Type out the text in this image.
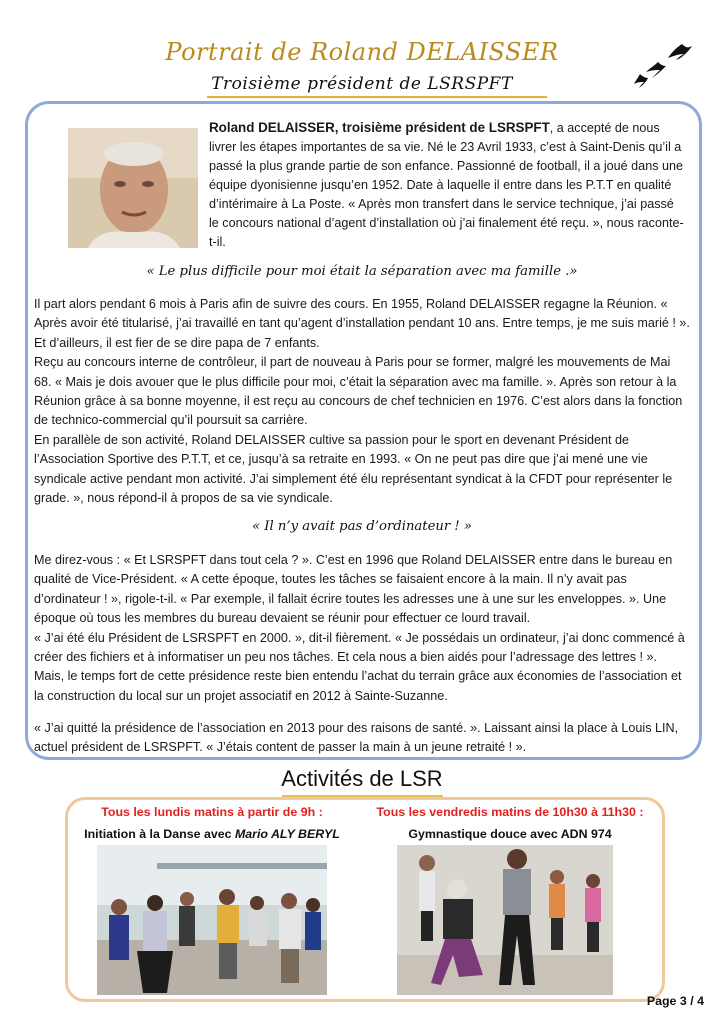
Portrait de Roland DELAISSER
Troisième président de LSRSPFT
Roland DELAISSER, troisième président de LSRSPFT, a accepté de nous livrer les étapes importantes de sa vie. Né le 23 Avril 1933, c’est à Saint-Denis qu’il a passé la plus grande partie de son enfance. Passionné de football, il a joué dans une équipe dyonisienne jusqu’en 1952. Date à laquelle il entre dans les P.T.T en qualité d’intérimaire à La Poste. « Après mon transfert dans le service technique, j’ai passé le concours national d’agent d’installation où j’ai finalement été reçu. », nous raconte-t-il.
« Le plus difficile pour moi était la séparation avec ma famille .»

Il part alors pendant 6 mois à Paris afin de suivre des cours. En 1955, Roland DELAISSER regagne la Réunion. « Après avoir été titularisé, j’ai travaillé en tant qu’agent d’installation pendant 10 ans. Entre temps, je me suis marié ! ». Et d’ailleurs, il est fier de se dire papa de 7 enfants.

Reçu au concours interne de contrôleur, il part de nouveau à Paris pour se former, malgré les mouvements de Mai 68. « Mais je dois avouer que le plus difficile pour moi, c’était la séparation avec ma famille. ». Après son retour à la Réunion grâce à sa bonne moyenne, il est reçu au concours de chef technicien en 1976. C’est alors dans la fonction de technico-commercial qu’il poursuit sa carrière.

En parallèle de son activité, Roland DELAISSER cultive sa passion pour le sport en devenant Président de l’Association Sportive des P.T.T, et ce, jusqu’à sa retraite en 1993. « On ne peut pas dire que j’ai mené une vie syndicale active pendant mon activité. J’ai simplement été élu représentant syndicat à la CFDT pour représenter le grade. », nous répond-il à propos de sa vie syndicale.

« Il n’y avait pas d’ordinateur ! »

Me direz-vous : « Et LSRSPFT dans tout cela ? ». C’est en 1996 que Roland DELAISSER entre dans le bureau en qualité de Vice-Président. « A cette époque, toutes les tâches se faisaient encore à la main. Il n’y avait pas d’ordinateur ! », rigole-t-il. « Par exemple, il fallait écrire toutes les adresses une à une sur les enveloppes. ». Une époque où tous les membres du bureau devaient se réunir pour effectuer ce lourd travail.

« J’ai été élu Président de LSRSPFT en 2000. », dit-il fièrement. « Je possédais un ordinateur, j’ai donc commencé à créer des fichiers et à informatiser un peu nos tâches. Et cela nous a bien aidés pour l’adressage des lettres ! ». Mais, le temps fort de cette présidence reste bien entendu l’achat du terrain grâce aux économies de l’association et la construction du local sur un projet associatif en 2012 à Sainte-Suzanne.

« J’ai quitté la présidence de l’association en 2013 pour des raisons de santé. ». Laissant ainsi la place à Louis LIN, actuel président de LSRSPFT. « J’étais content de passer la main à un jeune retraité ! ».

Activités de LSR
Tous les lundis matins à partir de 9h :
Initiation à la Danse avec Mario ALY BERYL
Tous les vendredis matins de 10h30 à 11h30 :
Gymnastique douce avec ADN 974
Page 3 / 4
